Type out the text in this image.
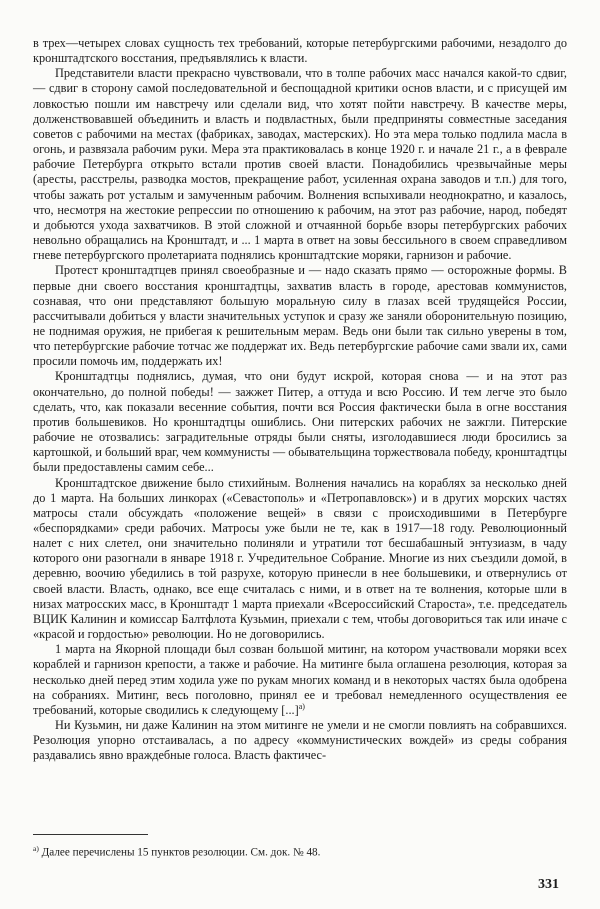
в трех—четырех словах сущность тех требований, которые петербургскими рабочими, незадолго до кронштадтского восстания, предъявлялись к власти.

Представители власти прекрасно чувствовали, что в толпе рабочих масс начался какой-то сдвиг, — сдвиг в сторону самой последовательной и беспощадной критики основ власти, и с присущей им ловкостью пошли им навстречу или сделали вид, что хотят пойти навстречу. В качестве меры, долженствовавшей объединить и власть и подвластных, были предприняты совместные заседания советов с рабочими на местах (фабриках, заводах, мастерских). Но эта мера только подлила масла в огонь, и развязала рабочим руки. Мера эта практиковалась в конце 1920 г. и начале 21 г., а в феврале рабочие Петербурга открыто встали против своей власти. Понадобились чрезвычайные меры (аресты, расстрелы, разводка мостов, прекращение работ, усиленная охрана заводов и т.п.) для того, чтобы зажать рот усталым и замученным рабочим. Волнения вспыхивали неоднократно, и казалось, что, несмотря на жестокие репрессии по отношению к рабочим, на этот раз рабочие, народ, победят и добьются ухода захватчиков. В этой сложной и отчаянной борьбе взоры петербургских рабочих невольно обращались на Кронштадт, и ... 1 марта в ответ на зовы бессильного в своем справедливом гневе петербургского пролетариата поднялись кронштадтские моряки, гарнизон и рабочие.

Протест кронштадтцев принял своеобразные и — надо сказать прямо — осторожные формы. В первые дни своего восстания кронштадтцы, захватив власть в городе, арестовав коммунистов, сознавая, что они представляют большую моральную силу в глазах всей трудящейся России, рассчитывали добиться у власти значительных уступок и сразу же заняли оборонительную позицию, не поднимая оружия, не прибегая к решительным мерам. Ведь они были так сильно уверены в том, что петербургские рабочие тотчас же поддержат их. Ведь петербургские рабочие сами звали их, сами просили помочь им, поддержать их!

Кронштадтцы поднялись, думая, что они будут искрой, которая снова — и на этот раз окончательно, до полной победы! — зажжет Питер, а оттуда и всю Россию. И тем легче это было сделать, что, как показали весенние события, почти вся Россия фактически была в огне восстания против большевиков. Но кронштадтцы ошиблись. Они питерских рабочих не зажгли. Питерские рабочие не отозвались: заградительные отряды были сняты, изголодавшиеся люди бросились за картошкой, и больший враг, чем коммунисты — обывательщина торжествовала победу, кронштадтцы были предоставлены самим себе...

Кронштадтское движение было стихийным. Волнения начались на кораблях за несколько дней до 1 марта. На больших линкорах («Севастополь» и «Петропавловск») и в других морских частях матросы стали обсуждать «положение вещей» в связи с происходившими в Петербурге «беспорядками» среди рабочих. Матросы уже были не те, как в 1917—18 году. Революционный налет с них слетел, они значительно полиняли и утратили тот бесшабашный энтузиазм, в чаду которого они разогнали в январе 1918 г. Учредительное Собрание. Многие из них съездили домой, в деревню, воочию убедились в той разрухе, которую принесли в нее большевики, и отвернулись от своей власти. Власть, однако, все еще считалась с ними, и в ответ на те волнения, которые шли в низах матросских масс, в Кронштадт 1 марта приехали «Всероссийский Староста», т.е. председатель ВЦИК Калинин и комиссар Балтфлота Кузьмин, приехали с тем, чтобы договориться так или иначе с «красой и гордостью» революции. Но не договорились.

1 марта на Якорной площади был созван большой митинг, на котором участвовали моряки всех кораблей и гарнизон крепости, а также и рабочие. На митинге была оглашена резолюция, которая за несколько дней перед этим ходила уже по рукам многих команд и в некоторых частях была одобрена на собраниях. Митинг, весь поголовно, принял ее и требовал немедленного осуществления ее требований, которые сводились к следующему [...]$^{а)}$

Ни Кузьмин, ни даже Калинин на этом митинге не умели и не смогли повлиять на собравшихся. Резолюция упорно отстаивалась, а по адресу «коммунистических вождей» из среды собрания раздавались явно враждебные голоса. Власть фактичес-

$^{а)}$ Далее перечислены 15 пунктов резолюции. См. док. № 48.
331
